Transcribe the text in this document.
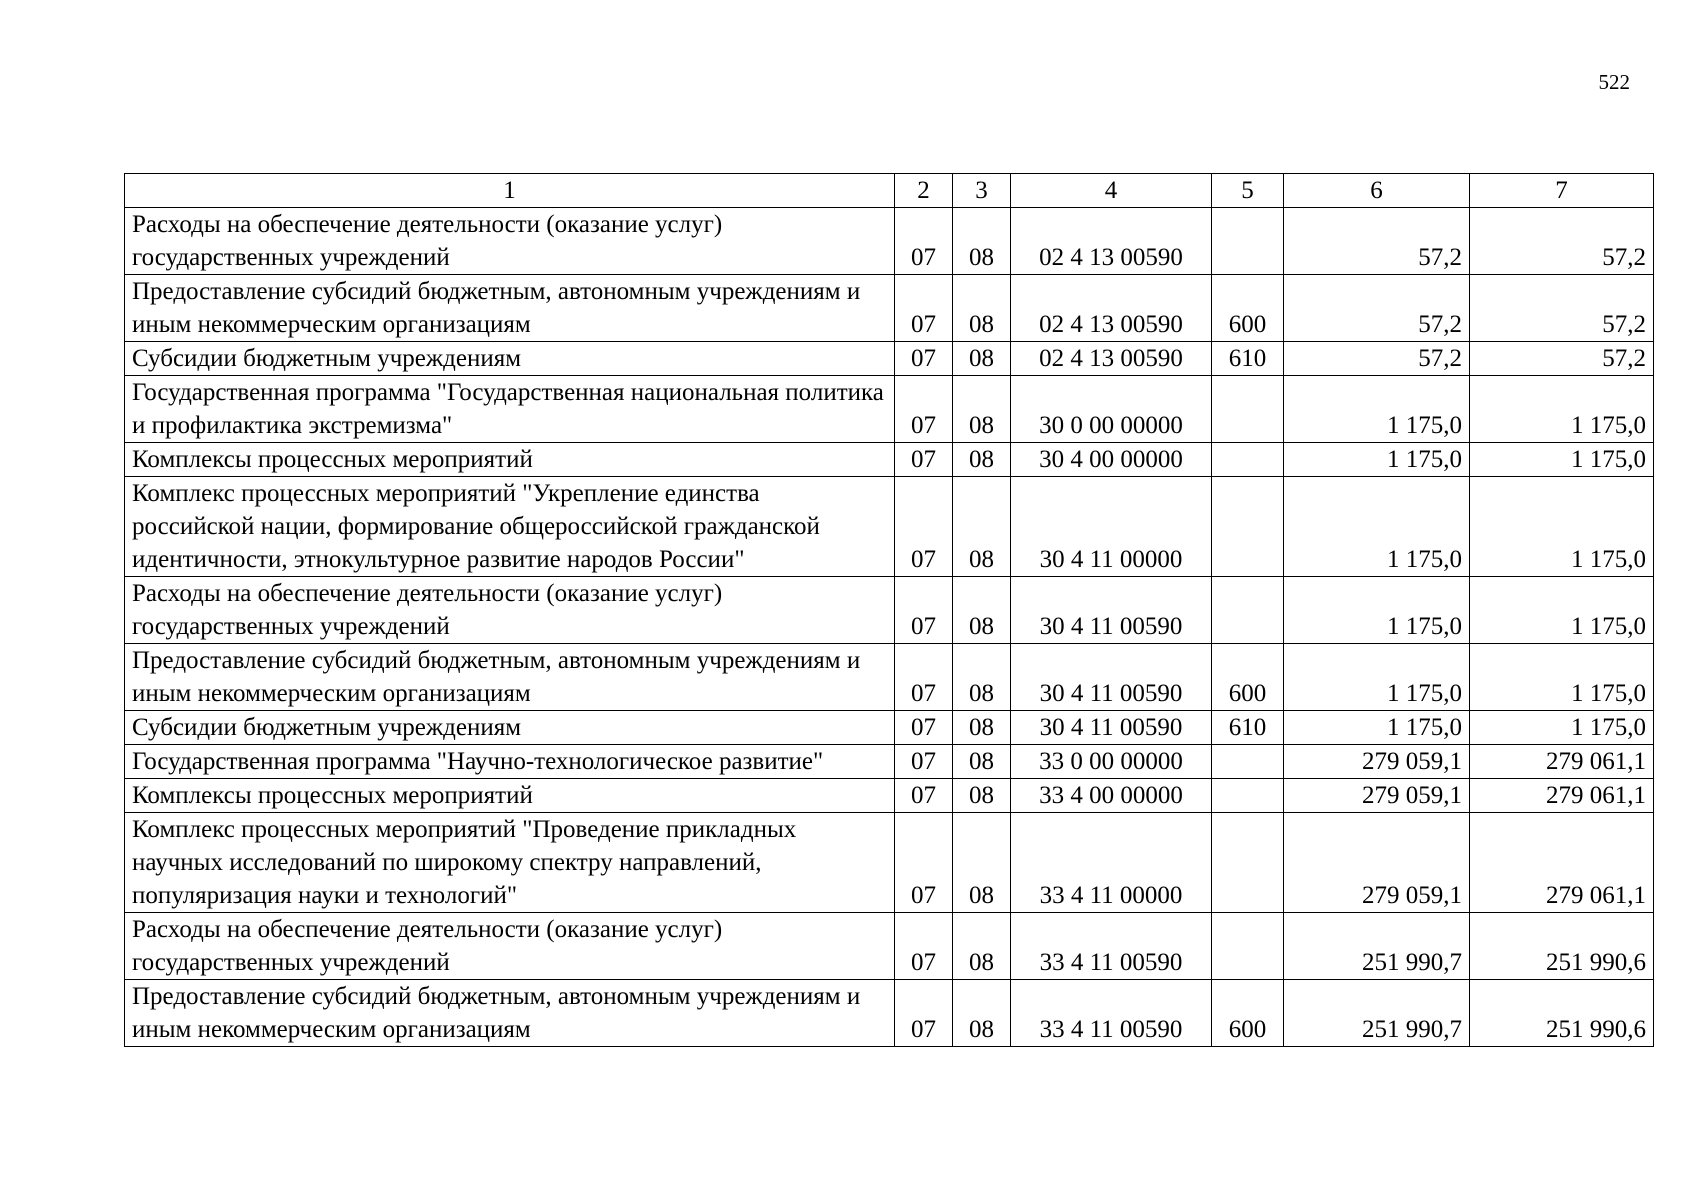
522
1	2	3	4	5	6	7
Расходы на обеспечение деятельности (оказание услуг) государственных учреждений	07	08	02 4 13 00590		57,2	57,2
Предоставление субсидий бюджетным, автономным учреждениям и иным некоммерческим организациям	07	08	02 4 13 00590	600	57,2	57,2
Субсидии бюджетным учреждениям	07	08	02 4 13 00590	610	57,2	57,2
Государственная программа "Государственная национальная политика и профилактика экстремизма"	07	08	30 0 00 00000		1 175,0	1 175,0
Комплексы процессных мероприятий	07	08	30 4 00 00000		1 175,0	1 175,0
Комплекс процессных мероприятий "Укрепление единства российской нации, формирование общероссийской гражданской идентичности, этнокультурное развитие народов России"	07	08	30 4 11 00000		1 175,0	1 175,0
Расходы на обеспечение деятельности (оказание услуг) государственных учреждений	07	08	30 4 11 00590		1 175,0	1 175,0
Предоставление субсидий бюджетным, автономным учреждениям и иным некоммерческим организациям	07	08	30 4 11 00590	600	1 175,0	1 175,0
Субсидии бюджетным учреждениям	07	08	30 4 11 00590	610	1 175,0	1 175,0
Государственная программа "Научно-технологическое развитие"	07	08	33 0 00 00000		279 059,1	279 061,1
Комплексы процессных мероприятий	07	08	33 4 00 00000		279 059,1	279 061,1
Комплекс процессных мероприятий "Проведение прикладных научных исследований по широкому спектру направлений, популяризация науки и технологий"	07	08	33 4 11 00000		279 059,1	279 061,1
Расходы на обеспечение деятельности (оказание услуг) государственных учреждений	07	08	33 4 11 00590		251 990,7	251 990,6
Предоставление субсидий бюджетным, автономным учреждениям и иным некоммерческим организациям	07	08	33 4 11 00590	600	251 990,7	251 990,6
